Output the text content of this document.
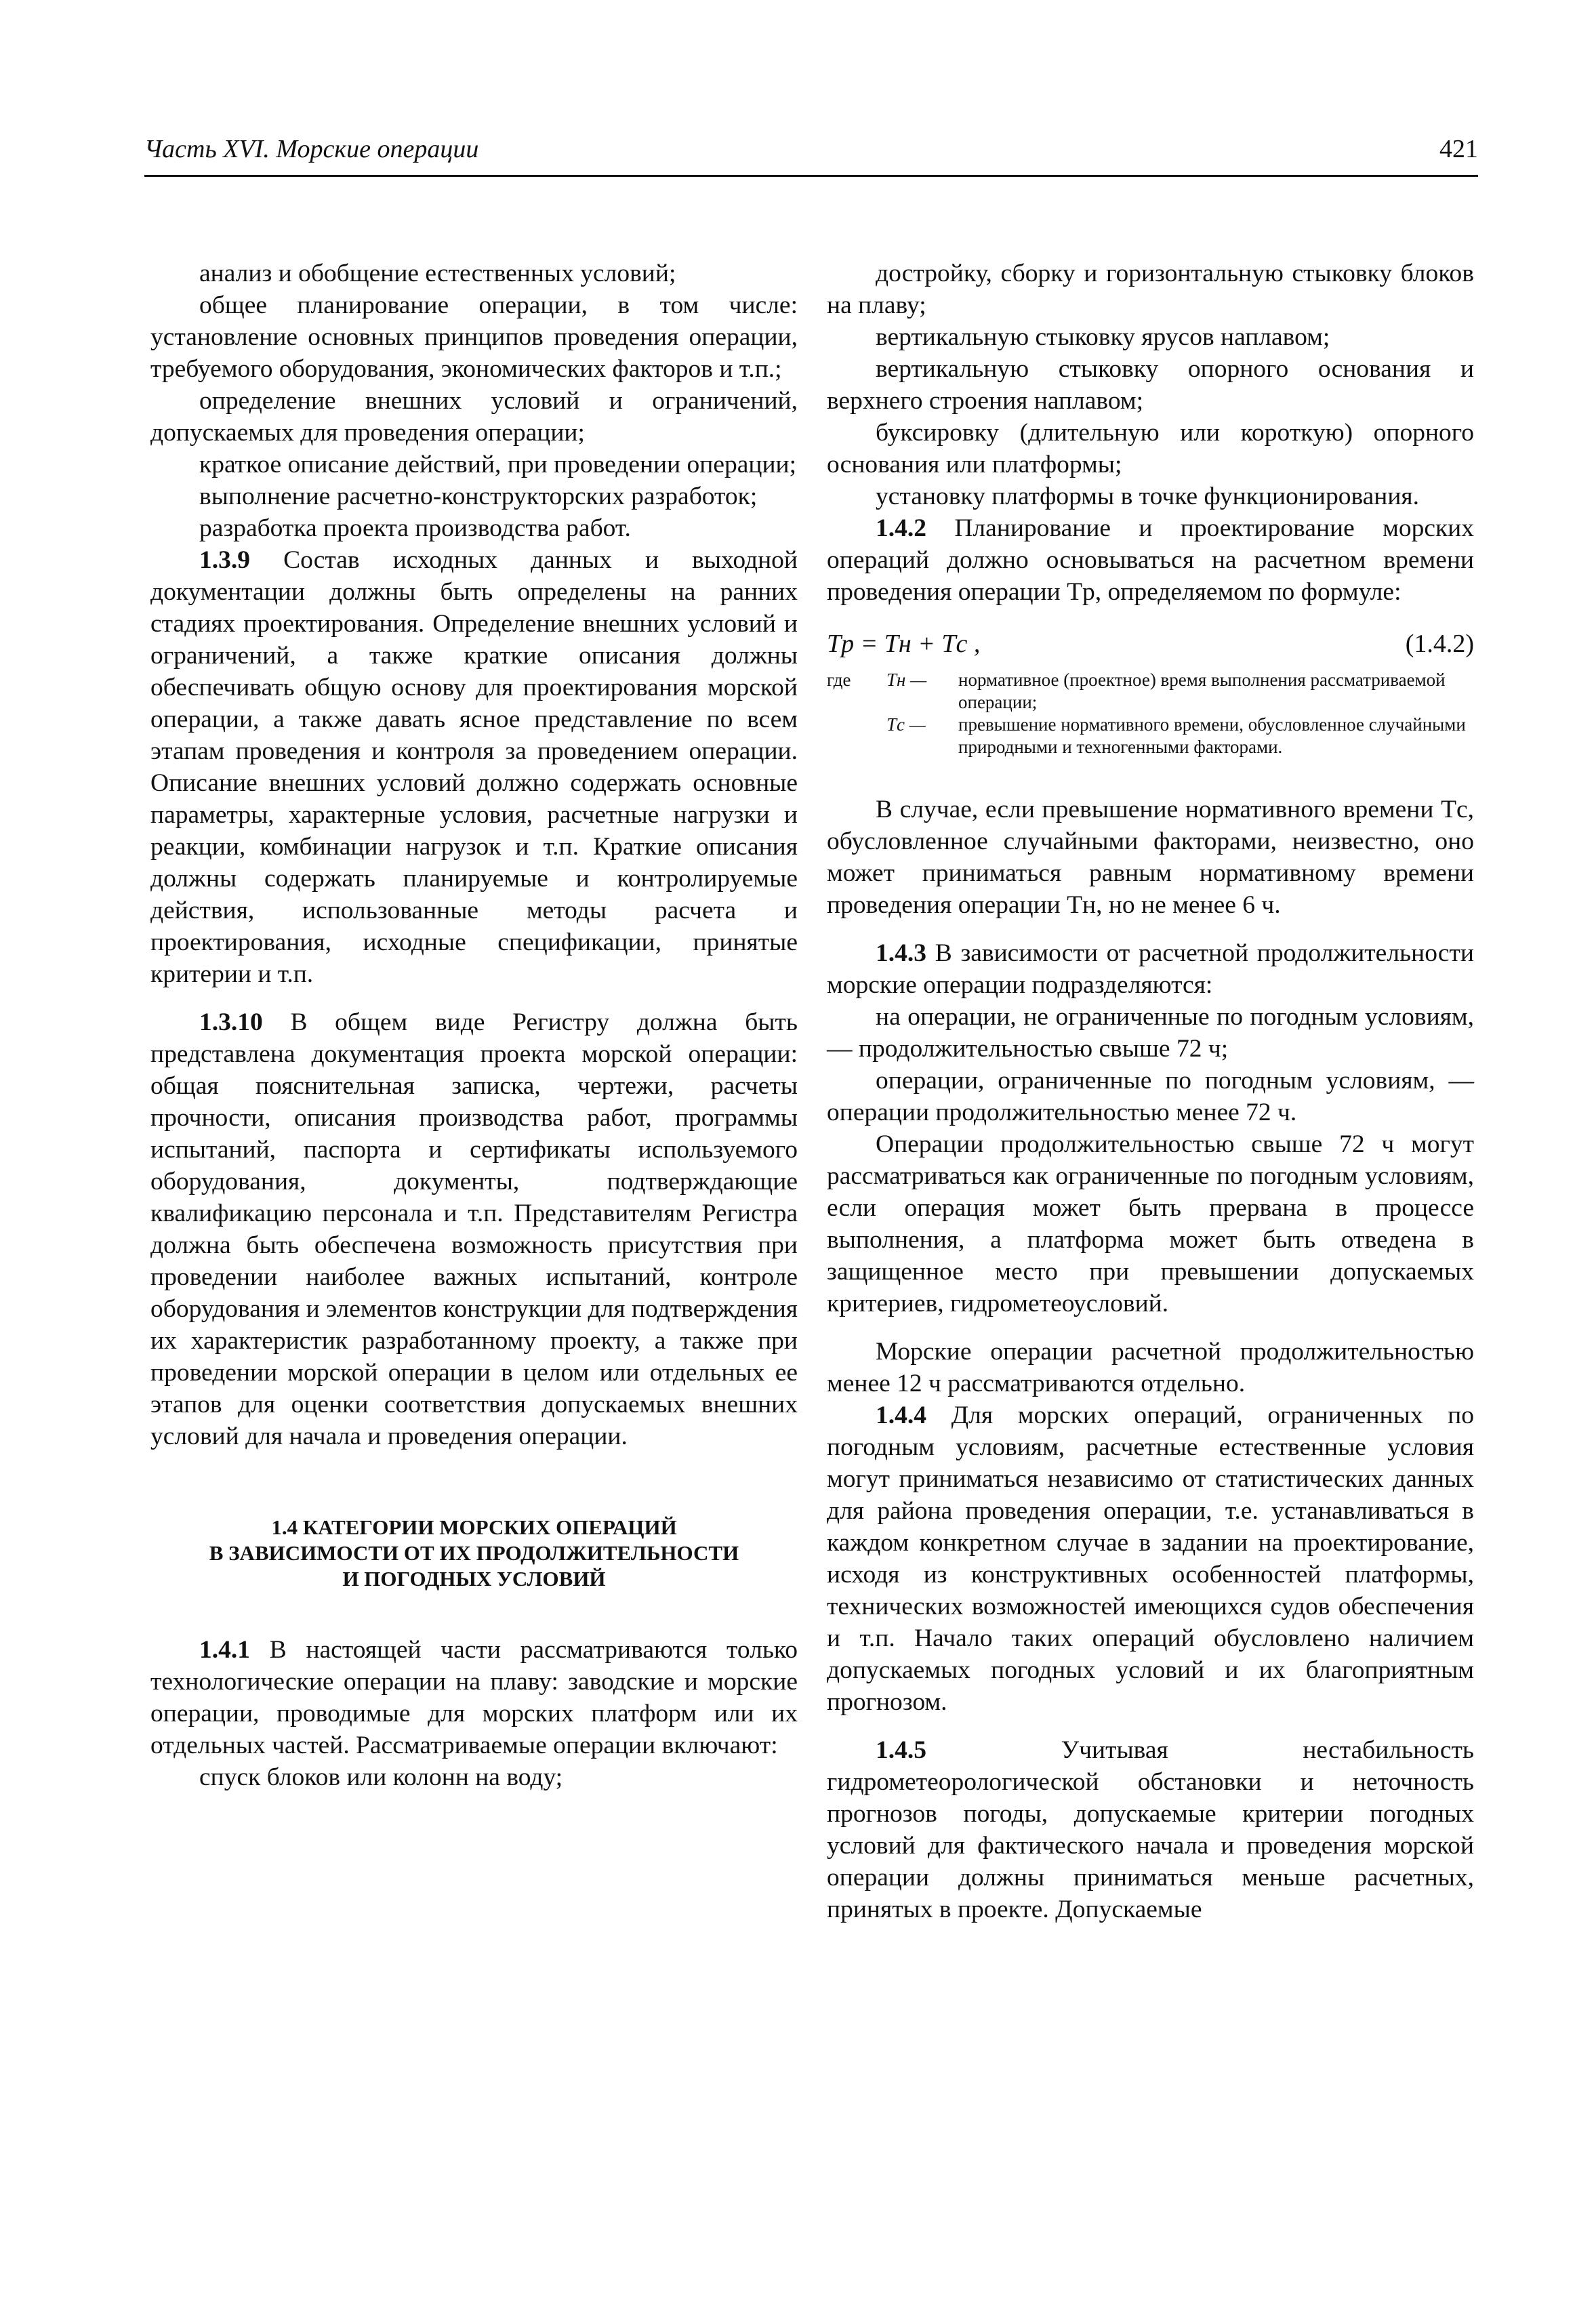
Часть XVI. Морские операции	421

анализ и обобщение естественных условий;

общее планирование операции, в том числе: установление основных принципов проведения операции, требуемого оборудования, экономических факторов и т.п.;

определение внешних условий и ограничений, допускаемых для проведения операции;

краткое описание действий, при проведении операции;

выполнение расчетно-конструкторских разработок;

разработка проекта производства работ.

1.3.9 Состав исходных данных и выходной документации должны быть определены на ранних стадиях проектирования. Определение внешних условий и ограничений, а также краткие описания должны обеспечивать общую основу для проектирования морской операции, а также давать ясное представление по всем этапам проведения и контроля за проведением операции. Описание внешних условий должно содержать основные параметры, характерные условия, расчетные нагрузки и реакции, комбинации нагрузок и т.п. Краткие описания должны содержать планируемые и контролируемые действия, использованные методы расчета и проектирования, исходные спецификации, принятые критерии и т.п.

1.3.10 В общем виде Регистру должна быть представлена документация проекта морской операции: общая пояснительная записка, чертежи, расчеты прочности, описания производства работ, программы испытаний, паспорта и сертификаты используемого оборудования, документы, подтверждающие квалификацию персонала и т.п. Представителям Регистра должна быть обеспечена возможность присутствия при проведении наиболее важных испытаний, контроле оборудования и элементов конструкции для подтверждения их характеристик разработанному проекту, а также при проведении морской операции в целом или отдельных ее этапов для оценки соответствия допускаемых внешних условий для начала и проведения операции.

1.4 КАТЕГОРИИ МОРСКИХ ОПЕРАЦИЙ
В ЗАВИСИМОСТИ ОТ ИХ ПРОДОЛЖИТЕЛЬНОСТИ
И ПОГОДНЫХ УСЛОВИЙ

1.4.1 В настоящей части рассматриваются только технологические операции на плаву: заводские и морские операции, проводимые для морских платформ или их отдельных частей. Рассматриваемые операции включают:

спуск блоков или колонн на воду;

достройку, сборку и горизонтальную стыковку блоков на плаву;

вертикальную стыковку ярусов наплавом;

вертикальную стыковку опорного основания и верхнего строения наплавом;

буксировку (длительную или короткую) опорного основания или платформы;

установку платформы в точке функционирования.

1.4.2 Планирование и проектирование морских операций должно основываться на расчетном времени проведения операции Tр, определяемом по формуле:

Tр = Tн + Tс ,	(1.4.2)
где	Tн —	нормативное (проектное) время выполнения рассматриваемой операции;
Tс —	превышение нормативного времени, обусловленное случайными природными и техногенными факторами.

В случае, если превышение нормативного времени Tс, обусловленное случайными факторами, неизвестно, оно может приниматься равным нормативному времени проведения операции Tн, но не менее 6 ч.

1.4.3 В зависимости от расчетной продолжительности морские операции подразделяются:

на операции, не ограниченные по погодным условиям, — продолжительностью свыше 72 ч;

операции, ограниченные по погодным условиям, — операции продолжительностью менее 72 ч.

Операции продолжительностью свыше 72 ч могут рассматриваться как ограниченные по погодным условиям, если операция может быть прервана в процессе выполнения, а платформа может быть отведена в защищенное место при превышении допускаемых критериев, гидрометеоусловий.

Морские операции расчетной продолжительностью менее 12 ч рассматриваются отдельно.

1.4.4 Для морских операций, ограниченных по погодным условиям, расчетные естественные условия могут приниматься независимо от статистических данных для района проведения операции, т.е. устанавливаться в каждом конкретном случае в задании на проектирование, исходя из конструктивных особенностей платформы, технических возможностей имеющихся судов обеспечения и т.п. Начало таких операций обусловлено наличием допускаемых погодных условий и их благоприятным прогнозом.

1.4.5 Учитывая нестабильность гидрометеорологической обстановки и неточность прогнозов погоды, допускаемые критерии погодных условий для фактического начала и проведения морской операции должны приниматься меньше расчетных, принятых в проекте. Допускаемые
